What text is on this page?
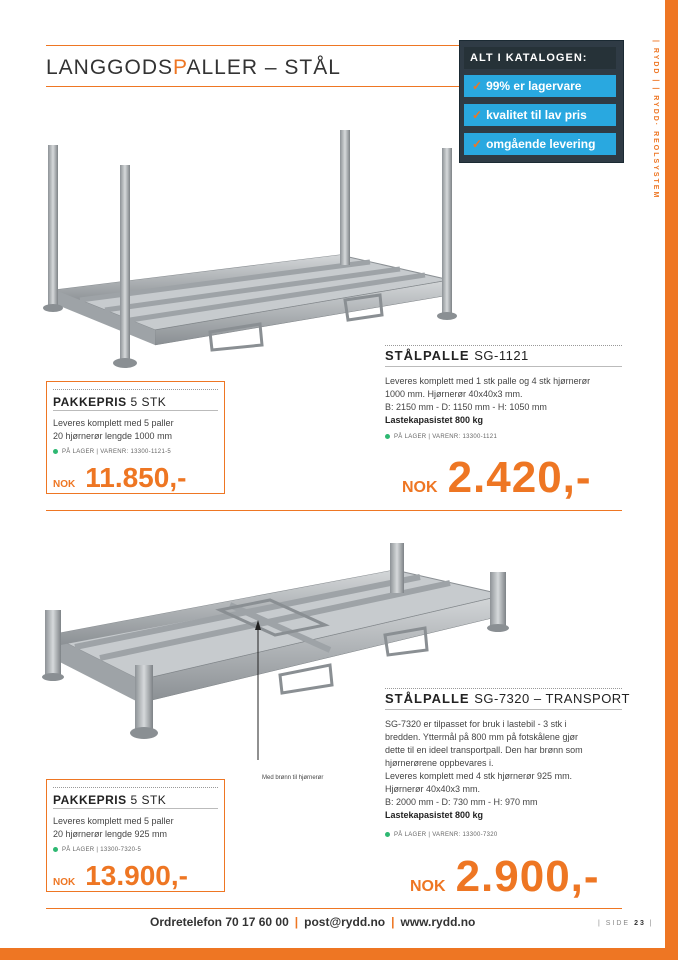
| RYDD | | RYDD· REOLSYSTEM
LANGGODSPALLER – STÅL	ALT I KATALOGEN:
✓ 99% er lagervare
✓ kvalitet til lav pris
✓ omgående levering
STÅLPALLE SG-1121
Leveres komplett med 1 stk palle og 4 stk hjørnerør
1000 mm. Hjørnerør 40x40x3 mm.
B: 2150 mm - D: 1150 mm - H: 1050 mm
Lastekapasistet 800 kg
PÅ LAGER | VARENR: 13300-1121
NOK 2.420,-
PAKKEPRIS 5 STK
Leveres komplett med 5 paller
20 hjørnerør lengde 1000 mm
PÅ LAGER | VARENR: 13300-1121-5
NOK 11.850,-
Med brønn til hjørnerør
STÅLPALLE SG-7320 – TRANSPORT
SG-7320 er tilpasset for bruk i lastebil - 3 stk i
bredden. Yttermål på 800 mm på fotskålene gjør
dette til en ideel transportpall. Den har brønn som
hjørnerørene oppbevares i.
Leveres komplett med 4 stk hjørnerør 925 mm.
Hjørnerør 40x40x3 mm.
B: 2000 mm - D: 730 mm - H: 970 mm
Lastekapasistet 800 kg
PÅ LAGER | VARENR: 13300-7320
NOK 2.900,-
PAKKEPRIS 5 STK
Leveres komplett med 5 paller
20 hjørnerør lengde 925 mm
PÅ LAGER | 13300-7320-5
NOK 13.900,-
Ordretelefon 70 17 60 00 | post@rydd.no | www.rydd.no	| SIDE 23 |
